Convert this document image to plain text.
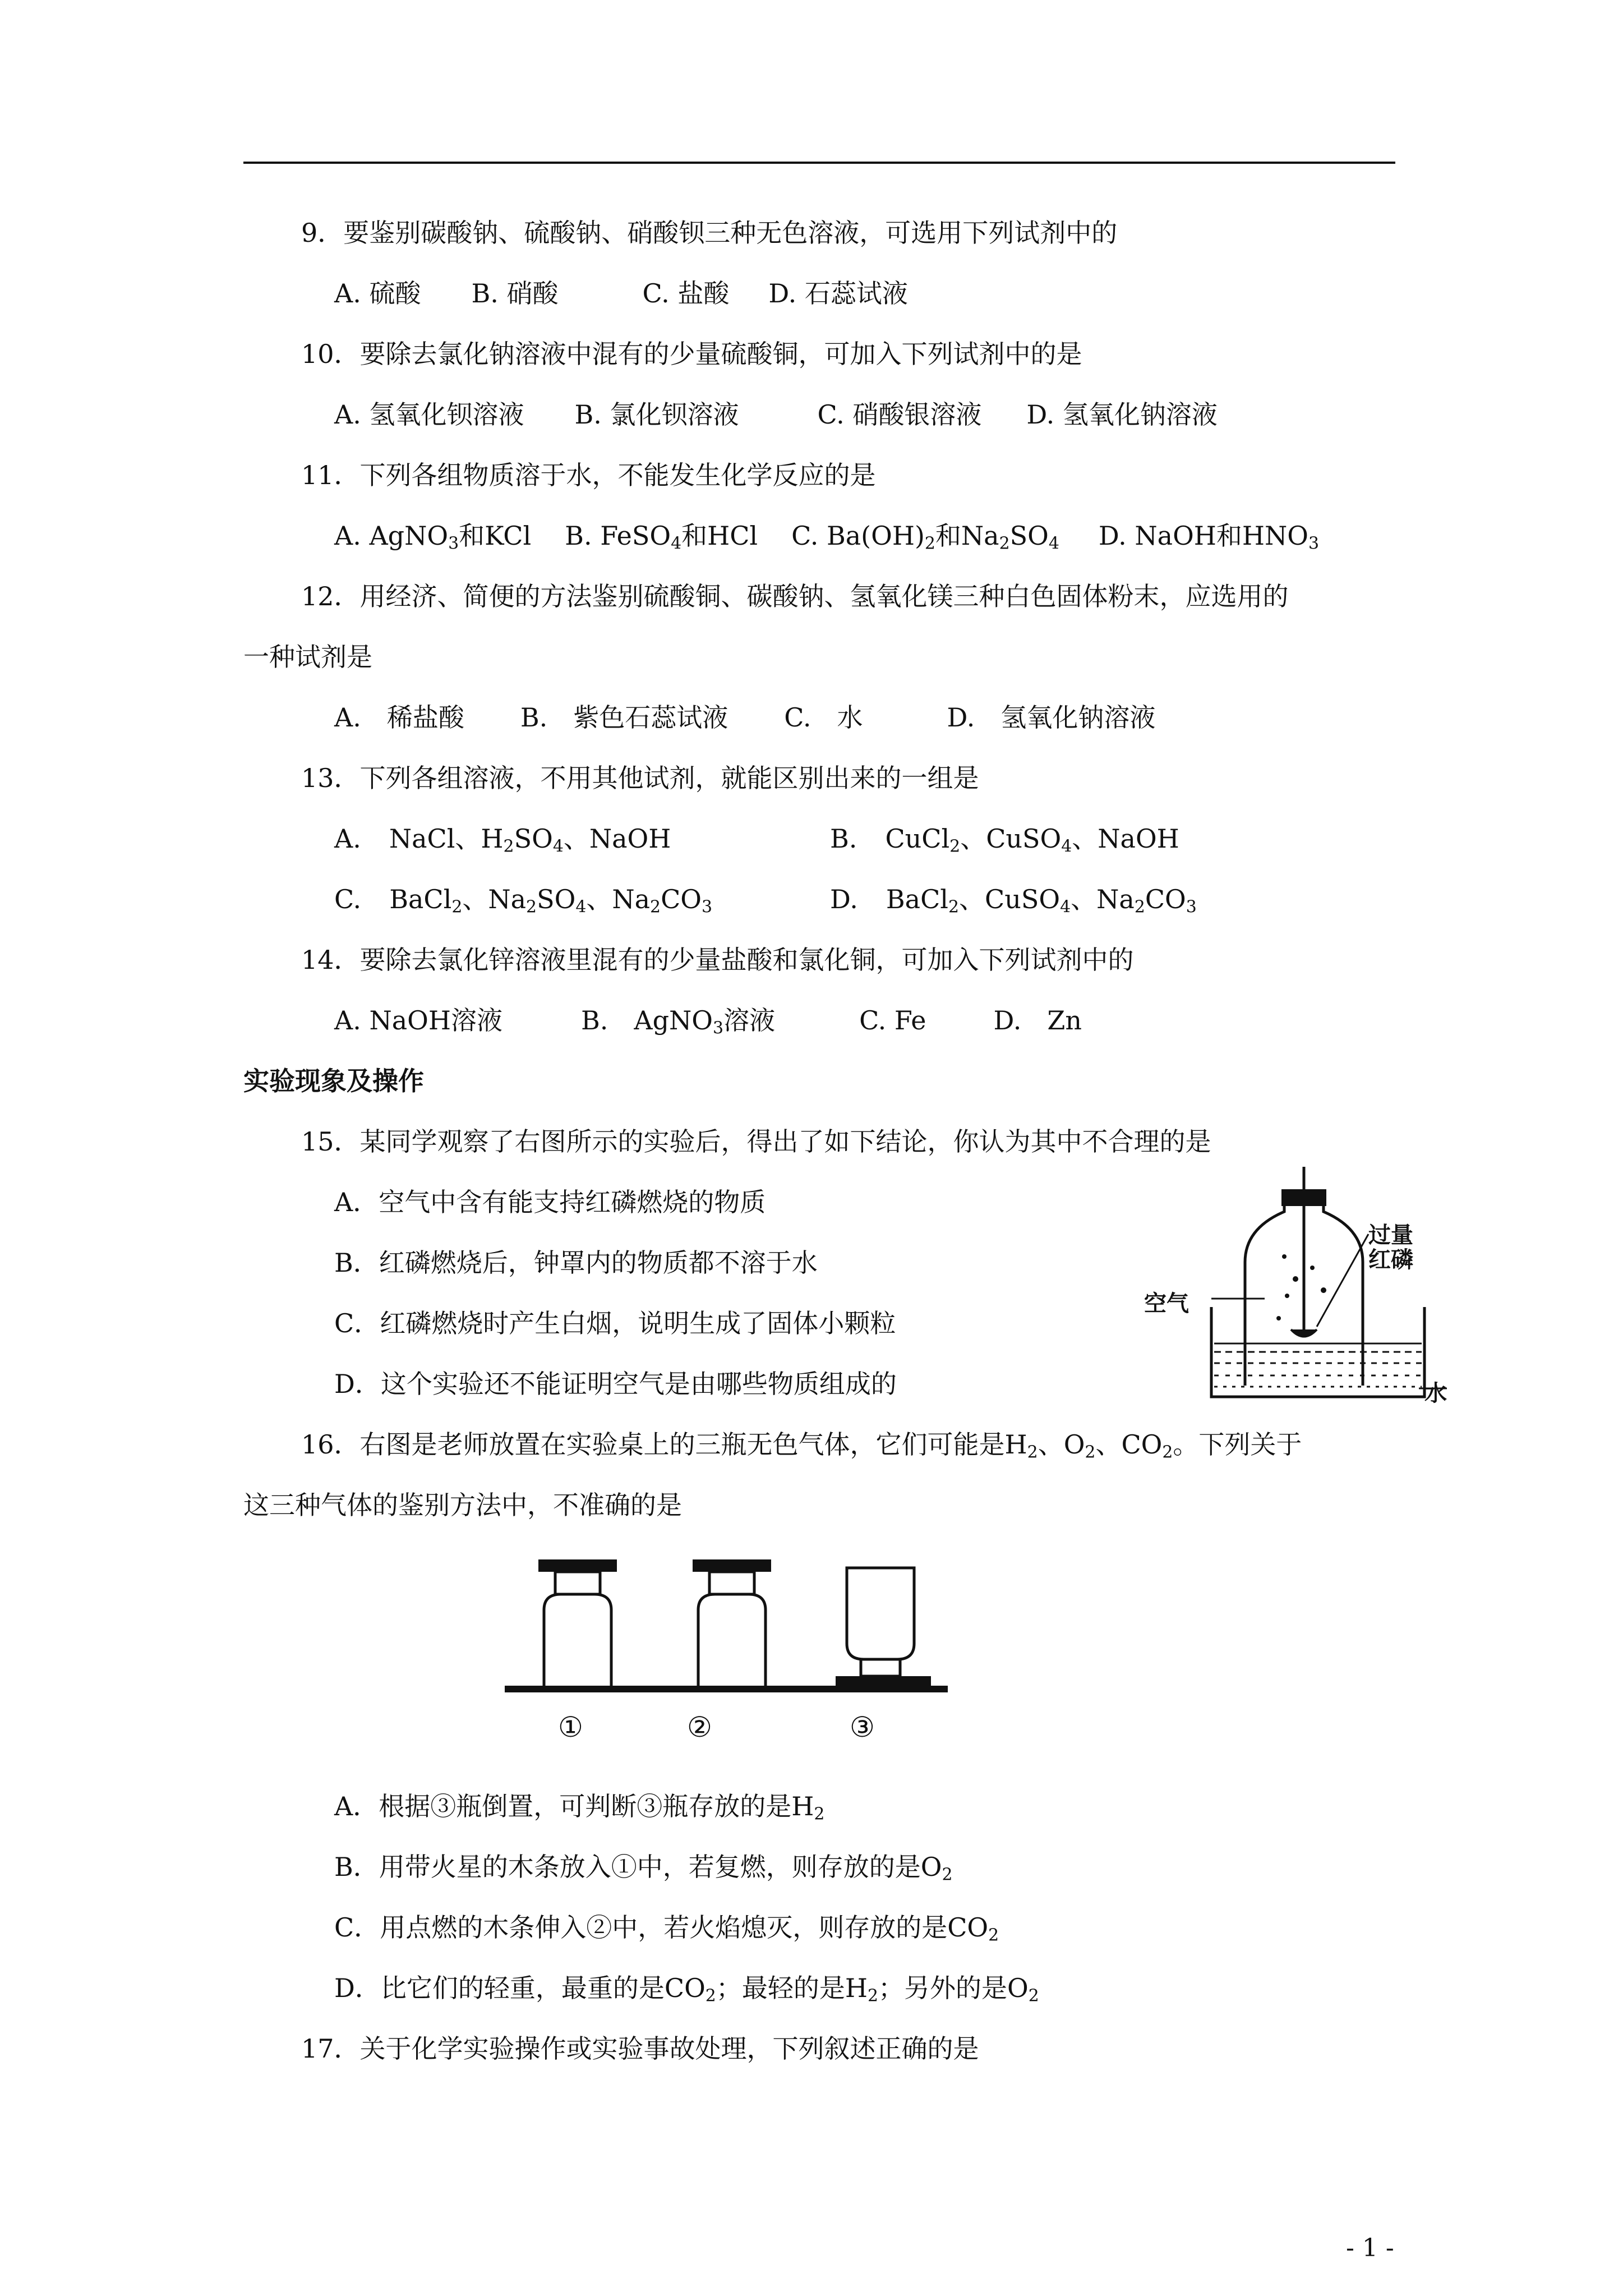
9．要鉴别碳酸钠、硫酸钠、硝酸钡三种无色溶液，可选用下列试剂中的
A. 硫酸 B. 硝酸	C. 盐酸 D. 石蕊试液
10．要除去氯化钠溶液中混有的少量硫酸铜，可加入下列试剂中的是
A. 氢氧化钡溶液 B. 氯化钡溶液	C. 硝酸银溶液 D. 氢氧化钠溶液
11．下列各组物质溶于水，不能发生化学反应的是
A. AgNO$_3$和KCl B. FeSO$_4$和HCl C. $Ba(OH)_2$和$Na_2SO_4$ D. NaOH和$HNO_3$
12．用经济、简便的方法鉴别硫酸铜、碳酸钠、氢氧化镁三种白色固体粉末，应选用的
一种试剂是
A.　稀盐酸 B.　紫色石蕊试液 C.　水	D.　氢氧化钠溶液
13．下列各组溶液，不用其他试剂，就能区别出来的一组是
A. NaCl、$H_2SO_4$、NaOH	B. CuCl$_2$、CuSO$_4$、NaOH
C. BaCl$_2$、$Na_2SO_4$、$Na_2CO_3$	D. BaCl$_2$、CuSO$_4$、$Na_2CO_3$
14．要除去氯化锌溶液里混有的少量盐酸和氯化铜，可加入下列试剂中的
A. NaOH溶液	B.　AgNO$_3$溶液	C. Fe	D.　Zn
实验现象及操作
15．某同学观察了右图所示的实验后，得出了如下结论，你认为其中不合理的是
A．空气中含有能支持红磷燃烧的物质
B．红磷燃烧后，钟罩内的物质都不溶于水
C．红磷燃烧时产生白烟，说明生成了固体小颗粒
D．这个实验还不能证明空气是由哪些物质组成的
过量
红磷
空气
水
16．右图是老师放置在实验桌上的三瓶无色气体，它们可能是$H_2$、$O_2$、$CO_2$。下列关于
这三种气体的鉴别方法中，不准确的是
①	②	③
A．根据③瓶倒置，可判断③瓶存放的是$H_2$
B．用带火星的木条放入①中，若复燃，则存放的是$O_2$
C．用点燃的木条伸入②中，若火焰熄灭，则存放的是$CO_2$
D．比它们的轻重，最重的是$CO_2$；最轻的是$H_2$；另外的是$O_2$
17．关于化学实验操作或实验事故处理，下列叙述正确的是
- 1 -
